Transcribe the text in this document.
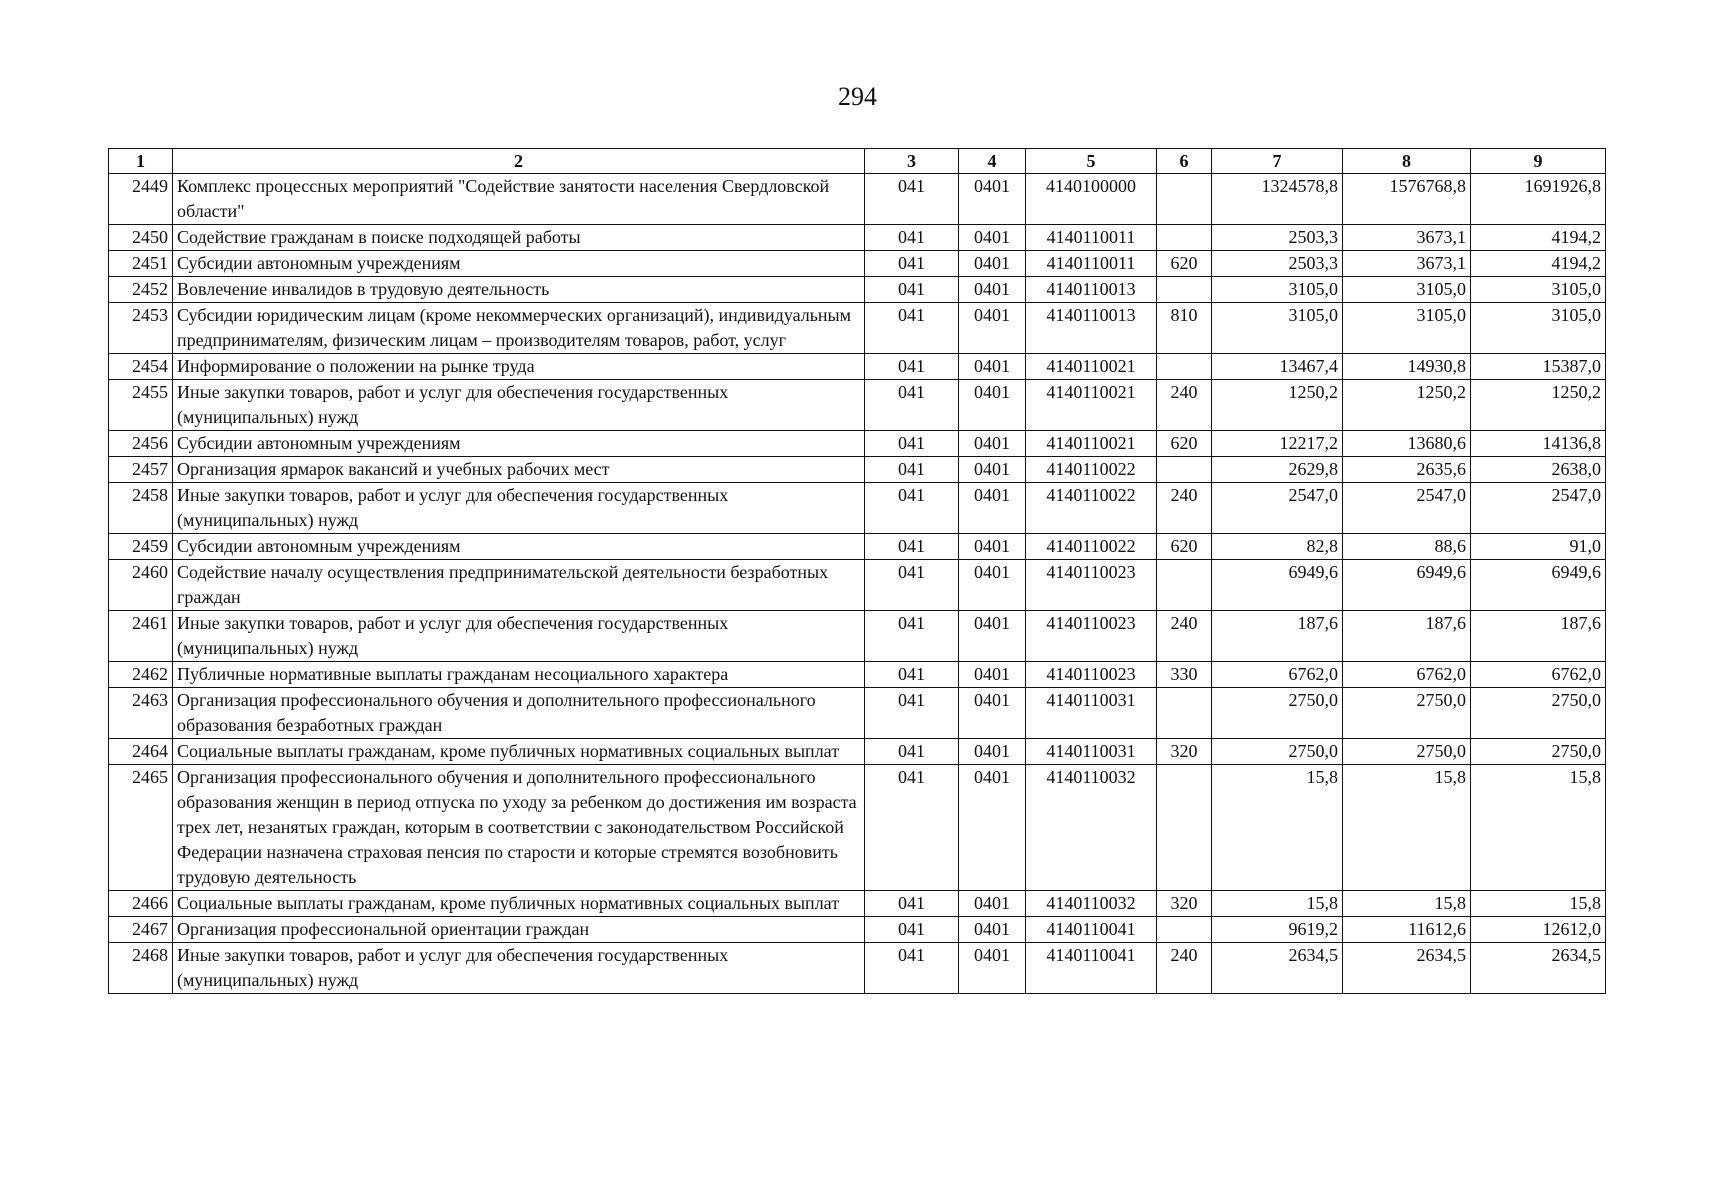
294
1	2	3	4	5	6	7	8	9
2449	Комплекс процессных мероприятий "Содействие занятости населения Свердловской области"	041	0401	4140100000		1324578,8	1576768,8	1691926,8
2450	Содействие гражданам в поиске подходящей работы	041	0401	4140110011		2503,3	3673,1	4194,2
2451	Субсидии автономным учреждениям	041	0401	4140110011	620	2503,3	3673,1	4194,2
2452	Вовлечение инвалидов в трудовую деятельность	041	0401	4140110013		3105,0	3105,0	3105,0
2453	Субсидии юридическим лицам (кроме некоммерческих организаций), индивидуальным предпринимателям, физическим лицам – производителям товаров, работ, услуг	041	0401	4140110013	810	3105,0	3105,0	3105,0
2454	Информирование о положении на рынке труда	041	0401	4140110021		13467,4	14930,8	15387,0
2455	Иные закупки товаров, работ и услуг для обеспечения государственных (муниципальных) нужд	041	0401	4140110021	240	1250,2	1250,2	1250,2
2456	Субсидии автономным учреждениям	041	0401	4140110021	620	12217,2	13680,6	14136,8
2457	Организация ярмарок вакансий и учебных рабочих мест	041	0401	4140110022		2629,8	2635,6	2638,0
2458	Иные закупки товаров, работ и услуг для обеспечения государственных (муниципальных) нужд	041	0401	4140110022	240	2547,0	2547,0	2547,0
2459	Субсидии автономным учреждениям	041	0401	4140110022	620	82,8	88,6	91,0
2460	Содействие началу осуществления предпринимательской деятельности безработных граждан	041	0401	4140110023		6949,6	6949,6	6949,6
2461	Иные закупки товаров, работ и услуг для обеспечения государственных (муниципальных) нужд	041	0401	4140110023	240	187,6	187,6	187,6
2462	Публичные нормативные выплаты гражданам несоциального характера	041	0401	4140110023	330	6762,0	6762,0	6762,0
2463	Организация профессионального обучения и дополнительного профессионального образования безработных граждан	041	0401	4140110031		2750,0	2750,0	2750,0
2464	Социальные выплаты гражданам, кроме публичных нормативных социальных выплат	041	0401	4140110031	320	2750,0	2750,0	2750,0
2465	Организация профессионального обучения и дополнительного профессионального образования женщин в период отпуска по уходу за ребенком до достижения им возраста трех лет, незанятых граждан, которым в соответствии с законодательством Российской Федерации назначена страховая пенсия по старости и которые стремятся возобновить трудовую деятельность	041	0401	4140110032		15,8	15,8	15,8
2466	Социальные выплаты гражданам, кроме публичных нормативных социальных выплат	041	0401	4140110032	320	15,8	15,8	15,8
2467	Организация профессиональной ориентации граждан	041	0401	4140110041		9619,2	11612,6	12612,0
2468	Иные закупки товаров, работ и услуг для обеспечения государственных (муниципальных) нужд	041	0401	4140110041	240	2634,5	2634,5	2634,5
